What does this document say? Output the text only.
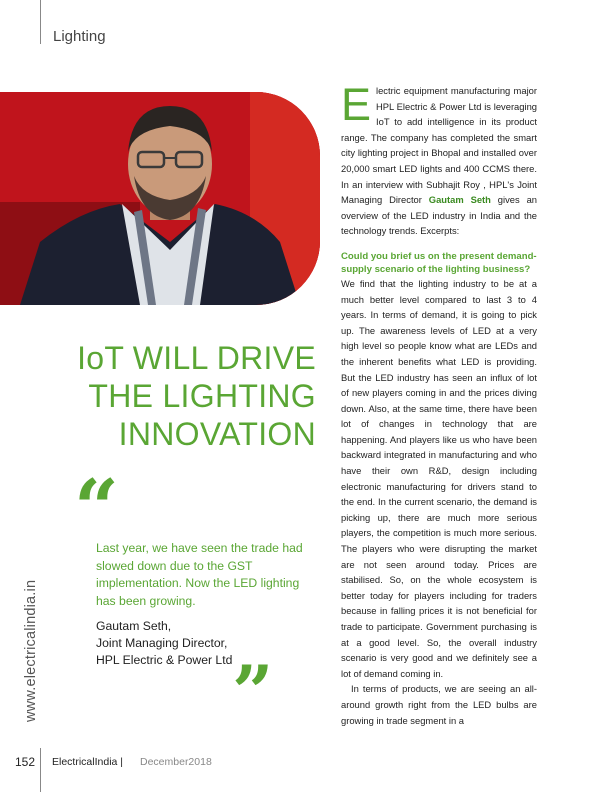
Lighting
IoT WILL DRIVE
THE LIGHTING
INNOVATION
“
Last year, we have seen the trade had slowed down due to the GST implementation. Now the LED lighting has been growing.
Gautam Seth,
Joint Managing Director,
HPL Electric & Power Ltd ”
www.electricalindia.in

Electric equipment manufacturing major HPL Electric & Power Ltd is leveraging IoT to add intelligence in its product range. The company has completed the smart city lighting project in Bhopal and installed over 20,000 smart LED lights and 400 CCMS there. In an interview with Subhajit Roy , HPL's Joint Managing Director Gautam Seth gives an overview of the LED industry in India and the technology trends. Excerpts:

Could you brief us on the present demand-supply scenario of the lighting business?

We find that the lighting industry to be at a much better level compared to last 3 to 4 years. In terms of demand, it is going to pick up. The awareness levels of LED at a very high level so people know what are LEDs and the inherent benefits what LED is providing. But the LED industry has seen an influx of lot of new players coming in and the prices diving down. Also, at the same time, there have been lot of changes in technology that are happening. And players like us who have been backward integrated in manufacturing and who have their own R&D, design including electronic manufacturing for drivers stand to the end. In the current scenario, the demand is picking up, there are much more serious players, the competition is much more serious. The players who were disrupting the market are not seen around today. Prices are stabilised. So, on the whole ecosystem is better today for players including for traders because in falling prices it is not beneficial for trade to participate. Government purchasing is at a good level. So, the overall industry scenario is very good and we definitely see a lot of demand coming in.

In terms of products, we are seeing an all-around growth right from the LED bulbs are growing in trade segment in a

152 ElectricalIndia | December2018
